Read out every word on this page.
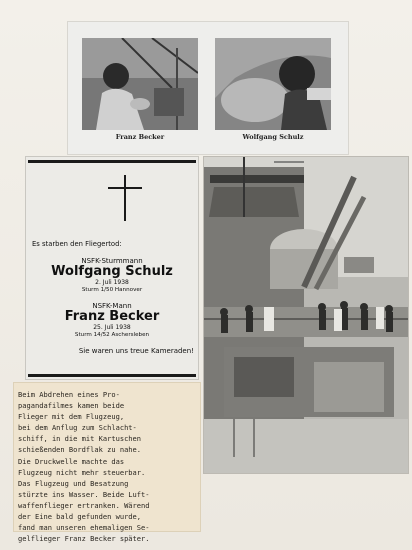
Franz Becker	Wolfgang Schulz
Es starben den Fliegertod:
NSFK-Sturmmann
Wolfgang Schulz
2. Juli 1938
Sturm 1/50 Hannover
NSFK-Mann
Franz Becker
25. Juli 1938
Sturm 14/52 Aschersleben
Sie waren uns treue Kameraden!
Beim Abdrehen eines Pro-
pagandafilmes kamen beide
Flieger mit dem Flugzeug,
bei dem Anflug zum Schlacht-
schiff, in die mit Kartuschen
schießenden Bordflak zu nahe.
Die Druckwelle machte das
Flugzeug nicht mehr steuerbar.
Das Flugzeug und Besatzung
stürzte ins Wasser. Beide Luft-
waffenflieger ertranken. Wärend
der Eine bald gefunden wurde,
fand man unseren ehemaligen Se-
gelflieger Franz Becker später.
